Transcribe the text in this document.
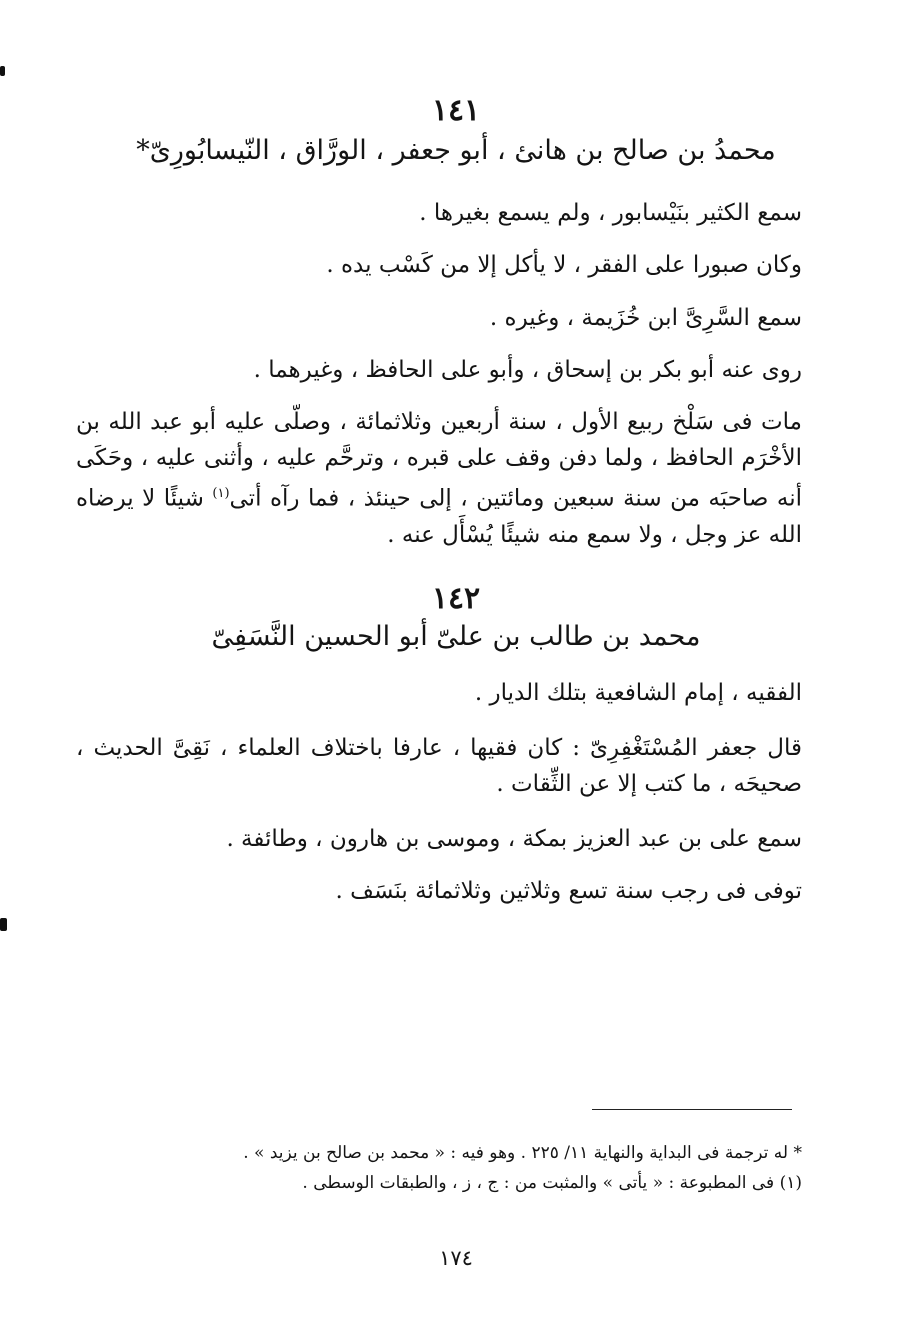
١٤١
محمدُ بن صالح بن هانئ ، أبو جعفر ، الورَّاق ، النّيسابُورِىّ*
سمع الكثير بنَيْسابور ، ولم يسمع بغيرها .
وكان صبورا على الفقر ، لا يأكل إلا من كَسْب يده .
سمع السَّرِىَّ ابن خُزَيمة ، وغيره .
روى عنه أبو بكر بن إسحاق ، وأبو على الحافظ ، وغيرهما .
مات فى سَلْخ ربيع الأول ، سنة أربعين وثلاثمائة ، وصلّى عليه أبو عبد الله بن الأخْرَم الحافظ ، ولما دفن وقف على قبره ، وترحَّم عليه ، وأثنى عليه ، وحَكَى أنه صاحبَه من سنة سبعين ومائتين ، إلى حينئذ ، فما رآه أتى$^{(١)}$ شيئًا لا يرضاه الله عز وجل ، ولا سمع منه شيئًا يُسْأَل عنه .
١٤٢
محمد بن طالب بن علىّ أبو الحسين النَّسَفِىّ
الفقيه ، إمام الشافعية بتلك الديار .
قال جعفر المُسْتَغْفِرِىّ : كان فقيها ، عارفا باختلاف العلماء ، نَقِىَّ الحديث ، صحيحَه ، ما كتب إلا عن الثِّقات .
سمع على بن عبد العزيز بمكة ، وموسى بن هارون ، وطائفة .
توفى فى رجب سنة تسع وثلاثين وثلاثمائة بنَسَف .
* له ترجمة فى البداية والنهاية ١١/ ٢٢٥ . وهو فيه : « محمد بن صالح بن يزيد » .
(١) فى المطبوعة : « يأتى » والمثبت من : ج ، ز ، والطبقات الوسطى .
١٧٤
